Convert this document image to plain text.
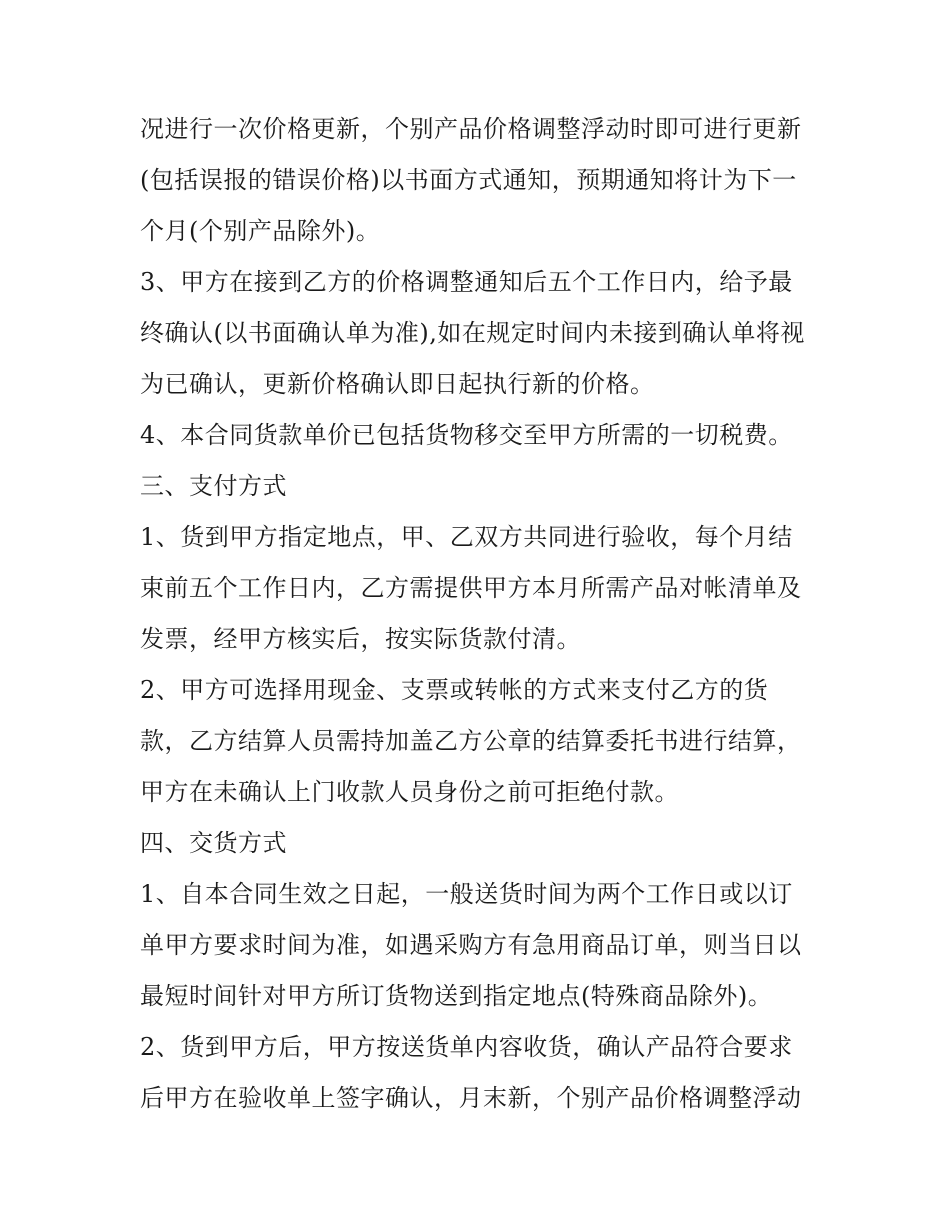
况进行一次价格更新，个别产品价格调整浮动时即可进行更新
(包括误报的错误价格)以书面方式通知，预期通知将计为下一
个月(个别产品除外)。
3、甲方在接到乙方的价格调整通知后五个工作日内，给予最
终确认(以书面确认单为准),如在规定时间内未接到确认单将视
为已确认，更新价格确认即日起执行新的价格。
4、本合同货款单价已包括货物移交至甲方所需的一切税费。
三、支付方式
1、货到甲方指定地点，甲、乙双方共同进行验收，每个月结
束前五个工作日内，乙方需提供甲方本月所需产品对帐清单及
发票，经甲方核实后，按实际货款付清。
2、甲方可选择用现金、支票或转帐的方式来支付乙方的货
款，乙方结算人员需持加盖乙方公章的结算委托书进行结算，
甲方在未确认上门收款人员身份之前可拒绝付款。
四、交货方式
1、自本合同生效之日起，一般送货时间为两个工作日或以订
单甲方要求时间为准，如遇采购方有急用商品订单，则当日以
最短时间针对甲方所订货物送到指定地点(特殊商品除外)。
2、货到甲方后，甲方按送货单内容收货，确认产品符合要求
后甲方在验收单上签字确认，月末新，个别产品价格调整浮动
